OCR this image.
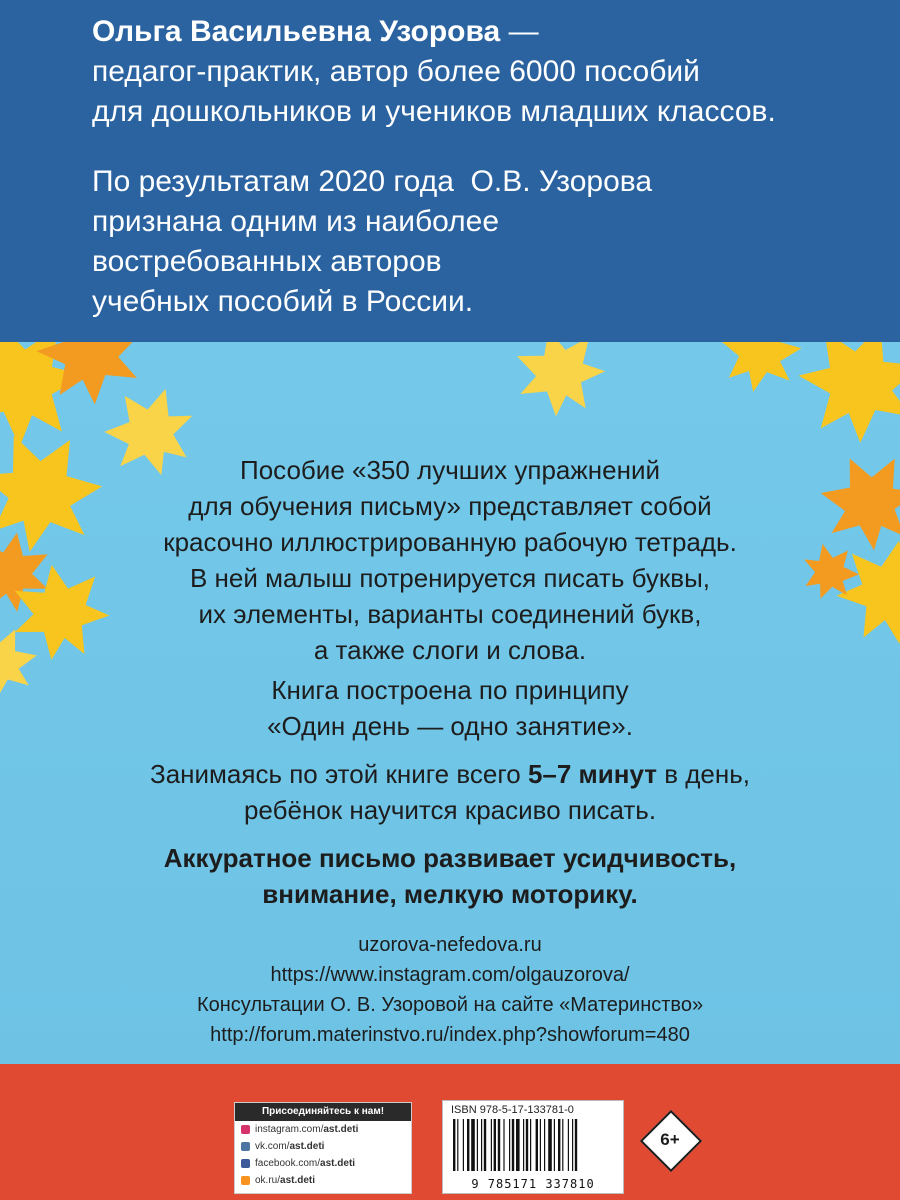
Ольга Васильевна Узорова —
педагог-практик, автор более 6000 пособий
для дошкольников и учеников младших классов.

По результатам 2020 года  О.В. Узорова
признана одним из наиболее
востребованных авторов
учебных пособий в России.

Пособие «350 лучших упражнений
для обучения письму» представляет собой
красочно иллюстрированную рабочую тетрадь.
В ней малыш потренируется писать буквы,
их элементы, варианты соединений букв,
а также слоги и слова.

Книга построена по принципу
«Один день — одно занятие».

Занимаясь по этой книге всего 5–7 минут в день,
ребёнок научится красиво писать.

Аккуратное письмо развивает усидчивость,
внимание, мелкую моторику.

uzorova-nefedova.ru
https://www.instagram.com/olgauzorova/
Консультации О. В. Узоровой на сайте «Материнство»
http://forum.materinstvo.ru/index.php?showforum=480

Присоединяйтесь к нам!
instagram.com/ ast.deti
vk.com/ ast.deti
facebook.com/ ast.deti
ok.ru/ ast.deti
ISBN 978-5-17-133781-0
9 785171 337810
6+
